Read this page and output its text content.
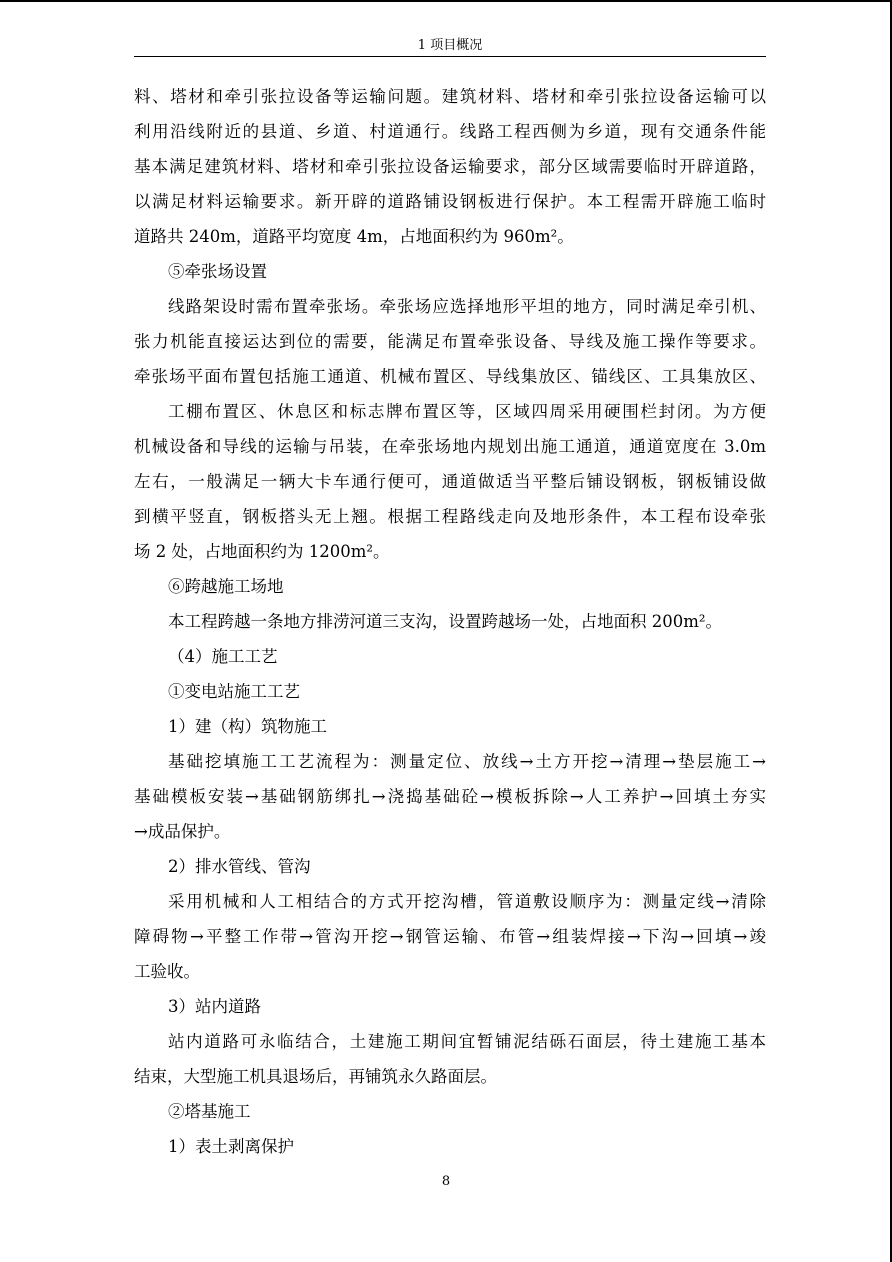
1 项目概况
料、塔材和牵引张拉设备等运输问题。建筑材料、塔材和牵引张拉设备运输可以
利用沿线附近的县道、乡道、村道通行。线路工程西侧为乡道，现有交通条件能
基本满足建筑材料、塔材和牵引张拉设备运输要求，部分区域需要临时开辟道路，
以满足材料运输要求。新开辟的道路铺设钢板进行保护。本工程需开辟施工临时
道路共 240m，道路平均宽度 4m，占地面积约为 960m²。
⑤牵张场设置
线路架设时需布置牵张场。牵张场应选择地形平坦的地方，同时满足牵引机、
张力机能直接运达到位的需要，能满足布置牵张设备、导线及施工操作等要求。
牵张场平面布置包括施工通道、机械布置区、导线集放区、锚线区、工具集放区、
工棚布置区、休息区和标志牌布置区等，区域四周采用硬围栏封闭。为方便
机械设备和导线的运输与吊装，在牵张场地内规划出施工通道，通道宽度在 3.0m
左右，一般满足一辆大卡车通行便可，通道做适当平整后铺设钢板，钢板铺设做
到横平竖直，钢板搭头无上翘。根据工程路线走向及地形条件，本工程布设牵张
场 2 处，占地面积约为 1200m²。
⑥跨越施工场地
本工程跨越一条地方排涝河道三支沟，设置跨越场一处，占地面积 200m²。
（4）施工工艺
①变电站施工工艺
1）建（构）筑物施工
基础挖填施工工艺流程为：测量定位、放线→土方开挖→清理→垫层施工→
基础模板安装→基础钢筋绑扎→浇捣基础砼→模板拆除→人工养护→回填土夯实
→成品保护。
2）排水管线、管沟
采用机械和人工相结合的方式开挖沟槽，管道敷设顺序为：测量定线→清除
障碍物→平整工作带→管沟开挖→钢管运输、布管→组装焊接→下沟→回填→竣
工验收。
3）站内道路
站内道路可永临结合，土建施工期间宜暂铺泥结砾石面层，待土建施工基本
结束，大型施工机具退场后，再铺筑永久路面层。
②塔基施工
1）表土剥离保护
8
